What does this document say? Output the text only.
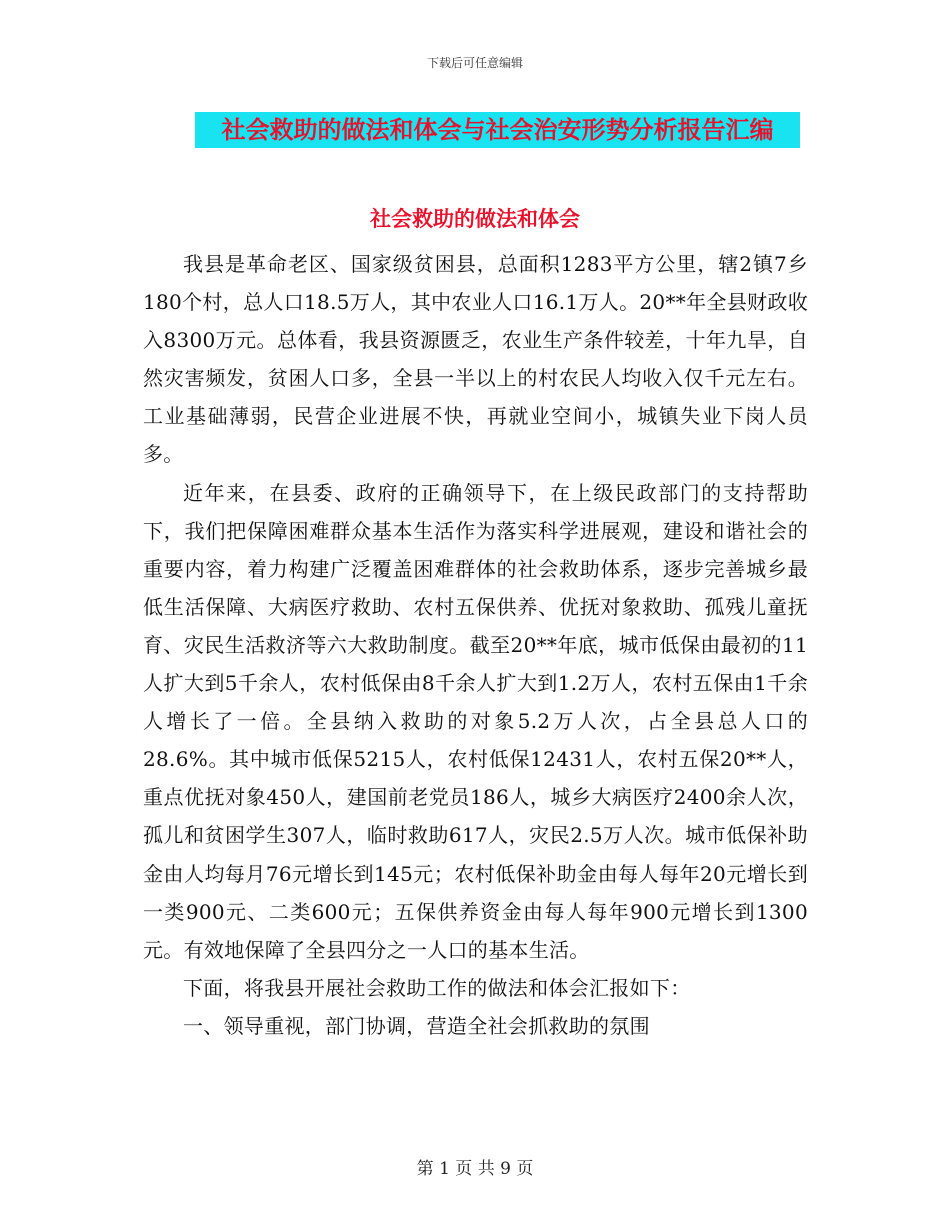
下载后可任意编辑
社会救助的做法和体会与社会治安形势分析报告汇编
社会救助的做法和体会

我县是革命老区、国家级贫困县，总面积1283平方公里，辖2镇7乡180个村，总人口18.5万人，其中农业人口16.1万人。20**年全县财政收入8300万元。总体看，我县资源匮乏，农业生产条件较差，十年九旱，自然灾害频发，贫困人口多，全县一半以上的村农民人均收入仅千元左右。工业基础薄弱，民营企业进展不快，再就业空间小，城镇失业下岗人员多。

近年来，在县委、政府的正确领导下，在上级民政部门的支持帮助下，我们把保障困难群众基本生活作为落实科学进展观，建设和谐社会的重要内容，着力构建广泛覆盖困难群体的社会救助体系，逐步完善城乡最低生活保障、大病医疗救助、农村五保供养、优抚对象救助、孤残儿童抚育、灾民生活救济等六大救助制度。截至20**年底，城市低保由最初的11人扩大到5千余人，农村低保由8千余人扩大到1.2万人，农村五保由1千余人增长了一倍。全县纳入救助的对象5.2万人次，占全县总人口的28.6%。其中城市低保5215人，农村低保12431人，农村五保20**人，重点优抚对象450人，建国前老党员186人，城乡大病医疗2400余人次，孤儿和贫困学生307人，临时救助617人，灾民2.5万人次。城市低保补助金由人均每月76元增长到145元；农村低保补助金由每人每年20元增长到一类900元、二类600元；五保供养资金由每人每年900元增长到1300元。有效地保障了全县四分之一人口的基本生活。

下面，将我县开展社会救助工作的做法和体会汇报如下：

一、领导重视，部门协调，营造全社会抓救助的氛围

第 1 页 共 9 页
